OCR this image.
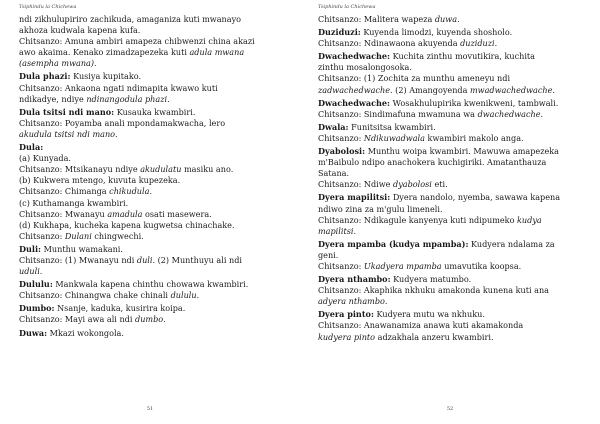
Tsiphindu la Chichewa
ndi zikhulupiriro zachikuda, amaganiza kuti mwanayo
akhoza kudwala kapena kufa.
Chitsanzo: Amuna ambiri amapeza chibwenzi china akazi
awo akaima. Kenako zimadzapezeka kuti adula mwana
(asempha mwana).
Dula phazi: Kusiya kupitako.
Chitsanzo: Ankaona ngati ndimapita kwawo kuti
ndikadye, ndiye ndinangodula phazi.
Dula tsitsi ndi mano: Kusauka kwambiri.
Chitsanzo: Poyamba anali mpondamakwacha, lero
akudula tsitsi ndi mano.
Dula:
(a) Kunyada.
Chitsanzo: Mtsikanayu ndiye akudulatu masiku ano.
(b) Kukwera mtengo, kuvuta kupezeka.
Chitsanzo: Chimanga chikudula.
(c) Kuthamanga kwambiri.
Chitsanzo: Mwanayu amadula osati masewera.
(d) Kukhapa, kucheka kapena kugwetsa chinachake.
Chitsanzo: Dulani chingwechi.
Duli: Munthu wamakani.
Chitsanzo: (1) Mwanayu ndi duli. (2) Munthuyu ali ndi
uduli.
Dululu: Mankwala kapena chinthu chowawa kwambiri.
Chitsanzo: Chinangwa chake chinali dululu.
Dumbo: Nsanje, kaduka, kusirira koipa.
Chitsanzo: Mayi awa ali ndi dumbo.
Duwa: Mkazi wokongola.
51
Tsiphindu la Chichewa
Chitsanzo: Malitera wapeza duwa.
Duziduzi: Kuyenda limodzi, kuyenda shosholo.
Chitsanzo: Ndinawaona akuyenda duziduzi.
Dwachedwache: Kuchita zinthu movutikira, kuchita
zinthu mosalongosoka.
Chitsanzo: (1) Zochita za munthu ameneyu ndi
zadwachedwache. (2) Amangoyenda mwadwachedwache.
Dwachedwache: Wosakhulupirika kwenikweni, tambwali.
Chitsanzo: Sindimafuna mwamuna wa dwachedwache.
Dwala: Funitsitsa kwambiri.
Chitsanzo: Ndikuwadwala kwambiri makolo anga.
Dyabolosi: Munthu woipa kwambiri. Mawuwa amapezeka
m'Baibulo ndipo anachokera kuchigiriki. Amatanthauza
Satana.
Chitsanzo: Ndiwe dyabolosi eti.
Dyera mapilitsi: Dyera nandolo, nyemba, sawawa kapena
ndiwo zina za m'gulu limeneli.
Chitsanzo: Ndikagule kanyenya kuti ndipumeko kudya
mapilitsi.
Dyera mpamba (kudya mpamba): Kudyera ndalama za
geni.
Chitsanzo: Ukadyera mpamba umavutika koopsa.
Dyera nthambo: Kudyera matumbo.
Chitsanzo: Akaphika nkhuku amakonda kunena kuti ana
adyera nthambo.
Dyera pinto: Kudyera mutu wa nkhuku.
Chitsanzo: Anawanamiza anawa kuti akamakonda
kudyera pinto adzakhala anzeru kwambiri.
52
